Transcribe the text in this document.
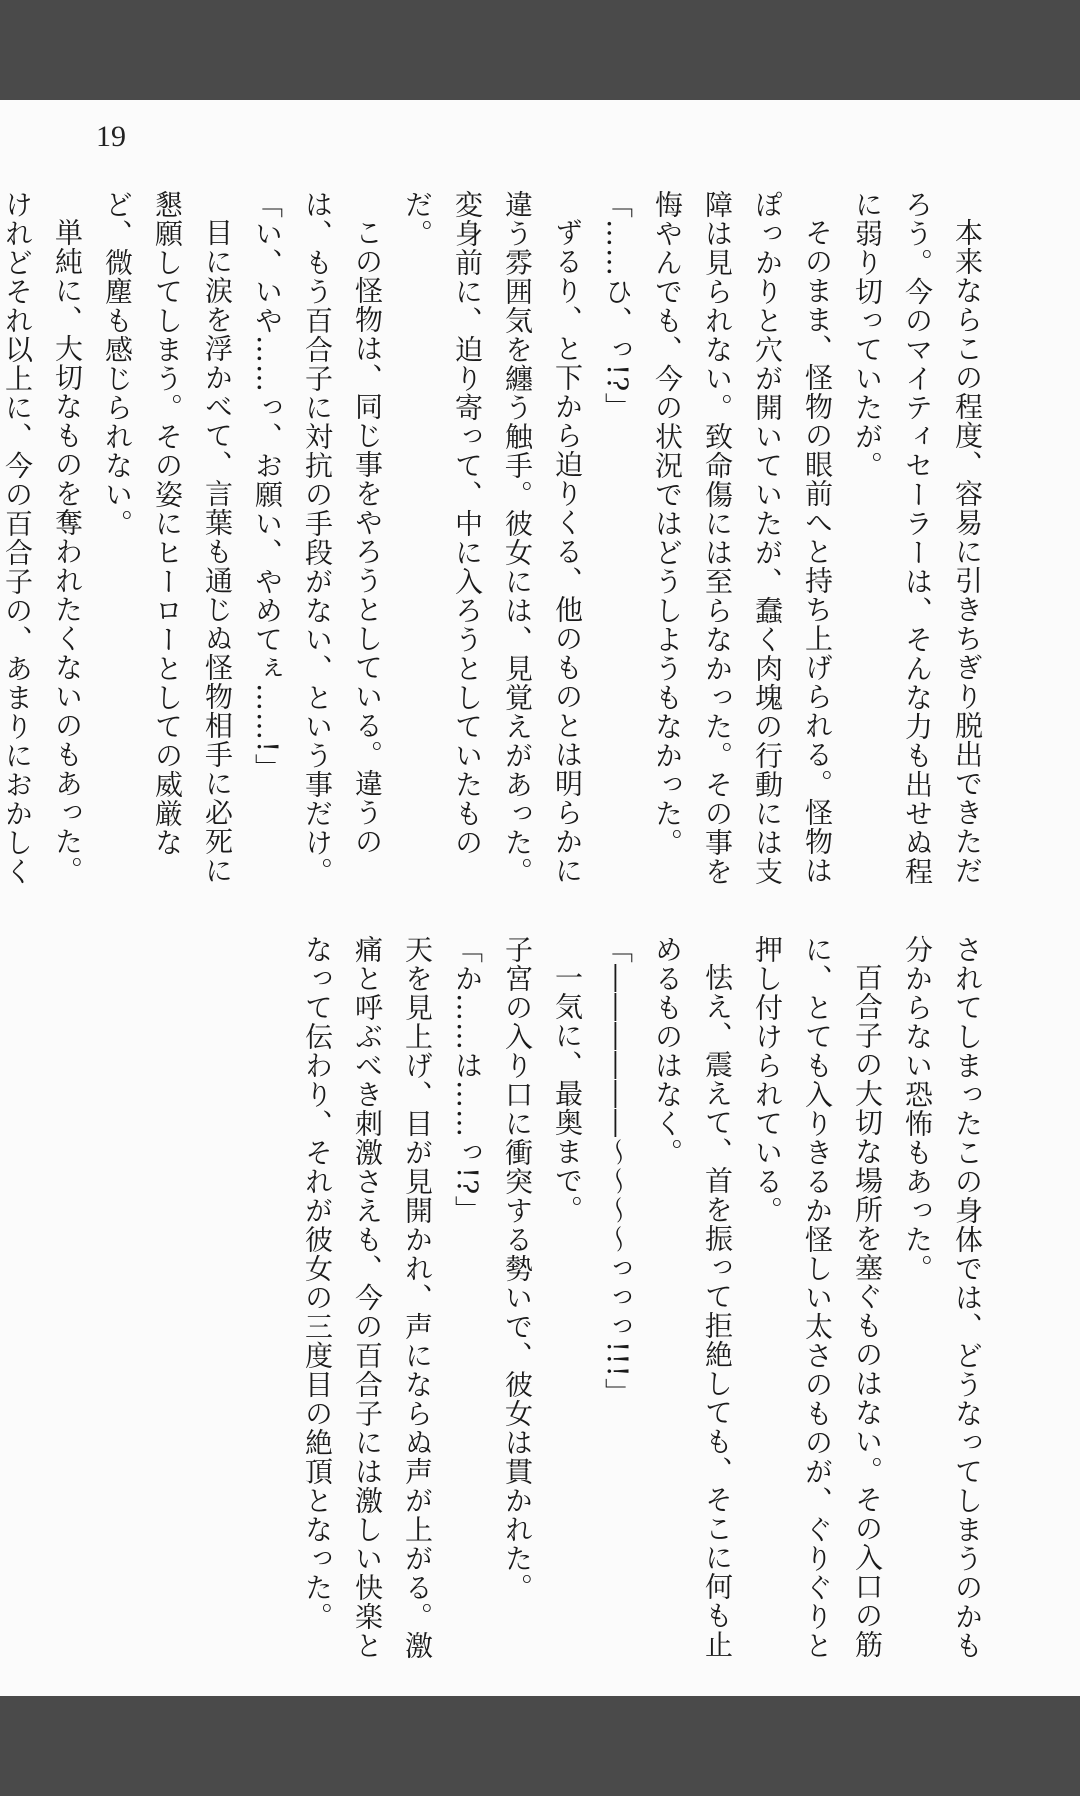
19

本来ならこの程度、容易に引きちぎり脱出できただろう。今のマイティセーラーは、そんな力も出せぬ程に弱り切っていたが。

そのまま、怪物の眼前へと持ち上げられる。怪物はぽっかりと穴が開いていたが、蠢く肉塊の行動には支障は見られない。致命傷には至らなかった。その事を悔やんでも、今の状況ではどうしようもなかった。

「……ひ、っ!?」

ずるり、と下から迫りくる、他のものとは明らかに違う雰囲気を纏う触手。彼女には、見覚えがあった。変身前に、迫り寄って、中に入ろうとしていたものだ。

この怪物は、同じ事をやろうとしている。違うのは、もう百合子に対抗の手段がない、という事だけ。

「い、いや……っ、お願い、やめてぇ……!」

目に涙を浮かべて、言葉も通じぬ怪物相手に必死に懇願してしまう。その姿にヒーローとしての威厳など、微塵も感じられない。

単純に、大切なものを奪われたくないのもあった。けれどそれ以上に、今の百合子の、あまりにおかしく

されてしまったこの身体では、どうなってしまうのかも分からない恐怖もあった。

百合子の大切な場所を塞ぐものはない。その入口の筋に、とても入りきるか怪しい太さのものが、ぐりぐりと押し付けられている。

怯え、震えて、首を振って拒絶しても、そこに何も止めるものはなく。

「――――――～～～～っっっ!!!」

一気に、最奥まで。

子宮の入り口に衝突する勢いで、彼女は貫かれた。

「か……は……っ!?」

天を見上げ、目が見開かれ、声にならぬ声が上がる。激痛と呼ぶべき刺激さえも、今の百合子には激しい快楽となって伝わり、それが彼女の三度目の絶頂となった。
